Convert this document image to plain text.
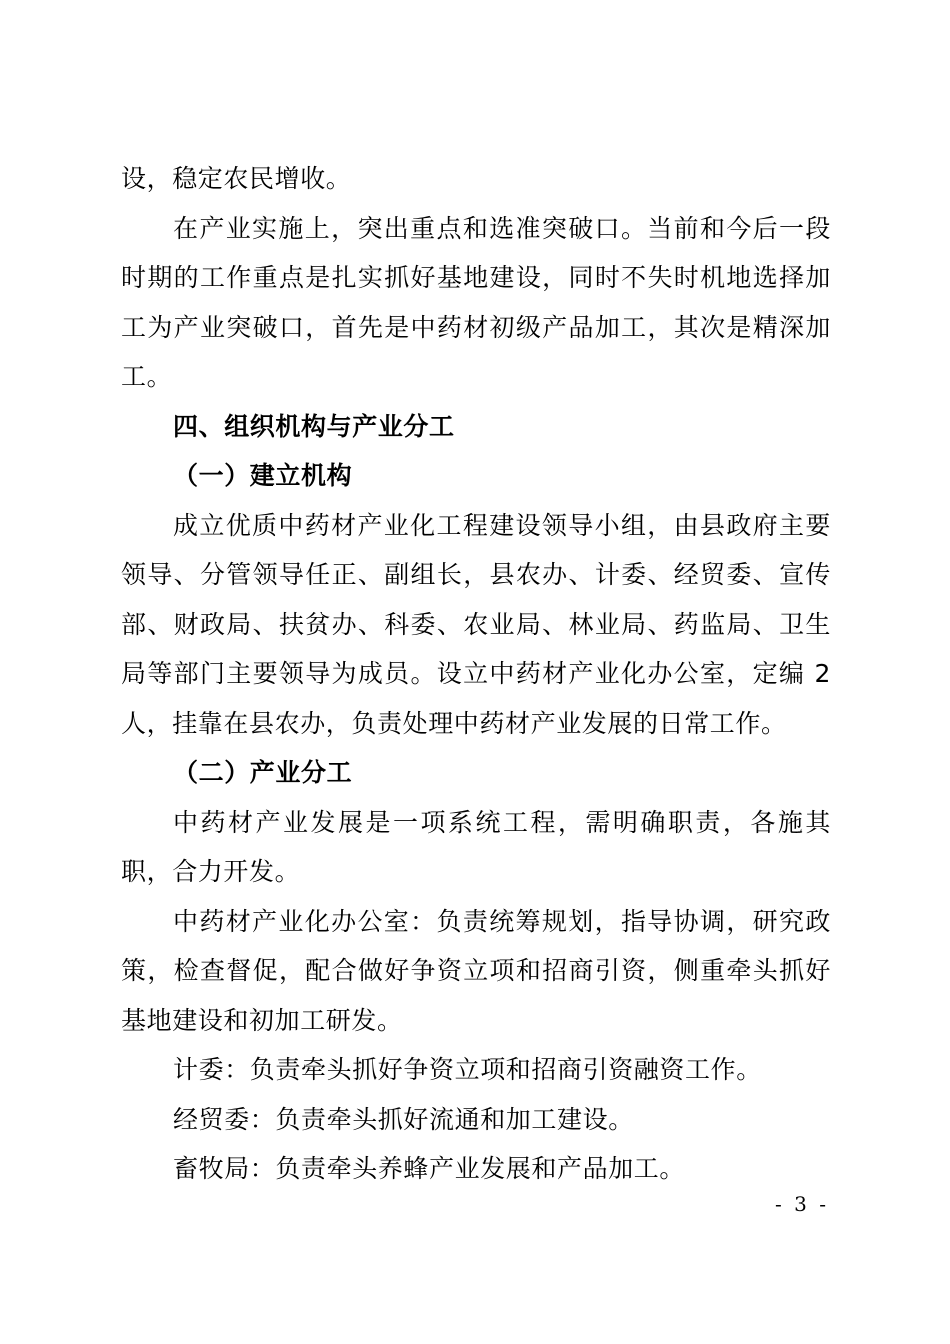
设，稳定农民增收。

在产业实施上，突出重点和选准突破口。当前和今后一段时期的工作重点是扎实抓好基地建设，同时不失时机地选择加工为产业突破口，首先是中药材初级产品加工，其次是精深加工。

四、组织机构与产业分工

（一）建立机构

成立优质中药材产业化工程建设领导小组，由县政府主要领导、分管领导任正、副组长，县农办、计委、经贸委、宣传部、财政局、扶贫办、科委、农业局、林业局、药监局、卫生局等部门主要领导为成员。设立中药材产业化办公室，定编 2 人，挂靠在县农办，负责处理中药材产业发展的日常工作。

（二）产业分工

中药材产业发展是一项系统工程，需明确职责，各施其职，合力开发。

中药材产业化办公室：负责统筹规划，指导协调，研究政策，检查督促，配合做好争资立项和招商引资，侧重牵头抓好基地建设和初加工研发。

计委：负责牵头抓好争资立项和招商引资融资工作。

经贸委：负责牵头抓好流通和加工建设。

畜牧局：负责牵头养蜂产业发展和产品加工。

- 3 -
